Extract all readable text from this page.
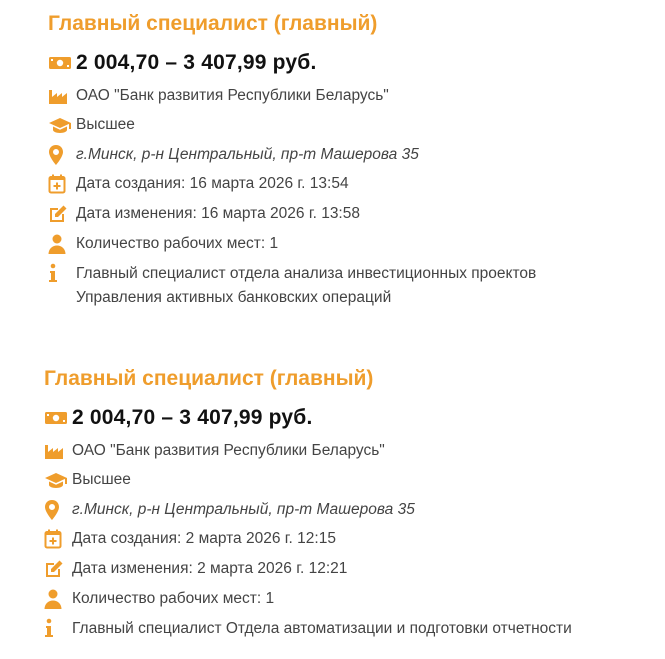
Главный специалист (главный)
2 004,70 – 3 407,99 руб.
ОАО "Банк развития Республики Беларусь"
Высшее
г.Минск, р-н Центральный, пр-т Машерова 35
Дата создания: 16 марта 2026 г. 13:54
Дата изменения: 16 марта 2026 г. 13:58
Количество рабочих мест: 1
Главный специалист отдела анализа инвестиционных проектов
Управления активных банковских операций
Главный специалист (главный)
2 004,70 – 3 407,99 руб.
ОАО "Банк развития Республики Беларусь"
Высшее
г.Минск, р-н Центральный, пр-т Машерова 35
Дата создания: 2 марта 2026 г. 12:15
Дата изменения: 2 марта 2026 г. 12:21
Количество рабочих мест: 1
Главный специалист Отдела автоматизации и подготовки отчетности
